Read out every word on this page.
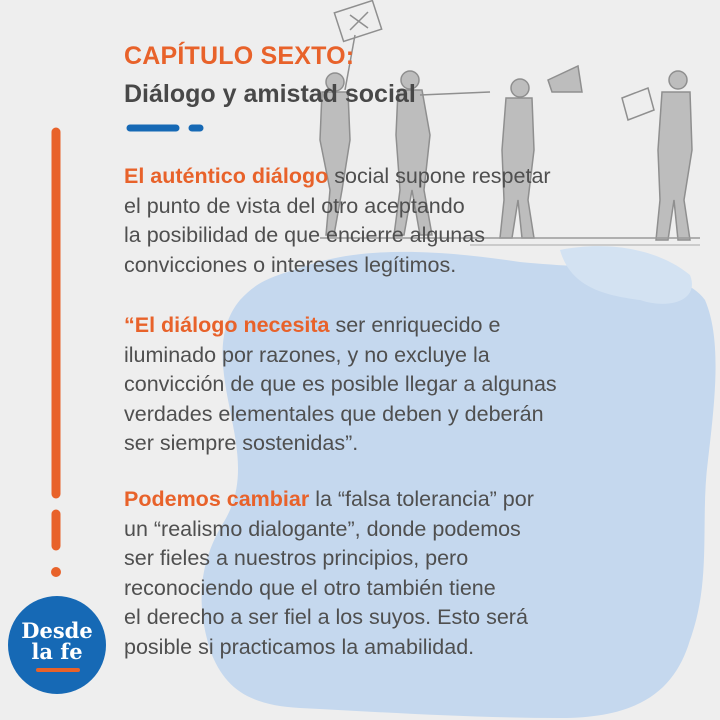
CAPÍTULO SEXTO:
Diálogo y amistad social

El auténtico diálogo social supone respetar
el punto de vista del otro aceptando
la posibilidad de que encierre algunas
convicciones o intereses legítimos.

“El diálogo necesita ser enriquecido e
iluminado por razones, y no excluye la
convicción de que es posible llegar a algunas
verdades elementales que deben y deberán
ser siempre sostenidas”.

Podemos cambiar la “falsa tolerancia” por
un “realismo dialogante”, donde podemos
ser fieles a nuestros principios, pero
reconociendo que el otro también tiene
el derecho a ser fiel a los suyos. Esto será
posible si practicamos la amabilidad.

Desde
la fe
